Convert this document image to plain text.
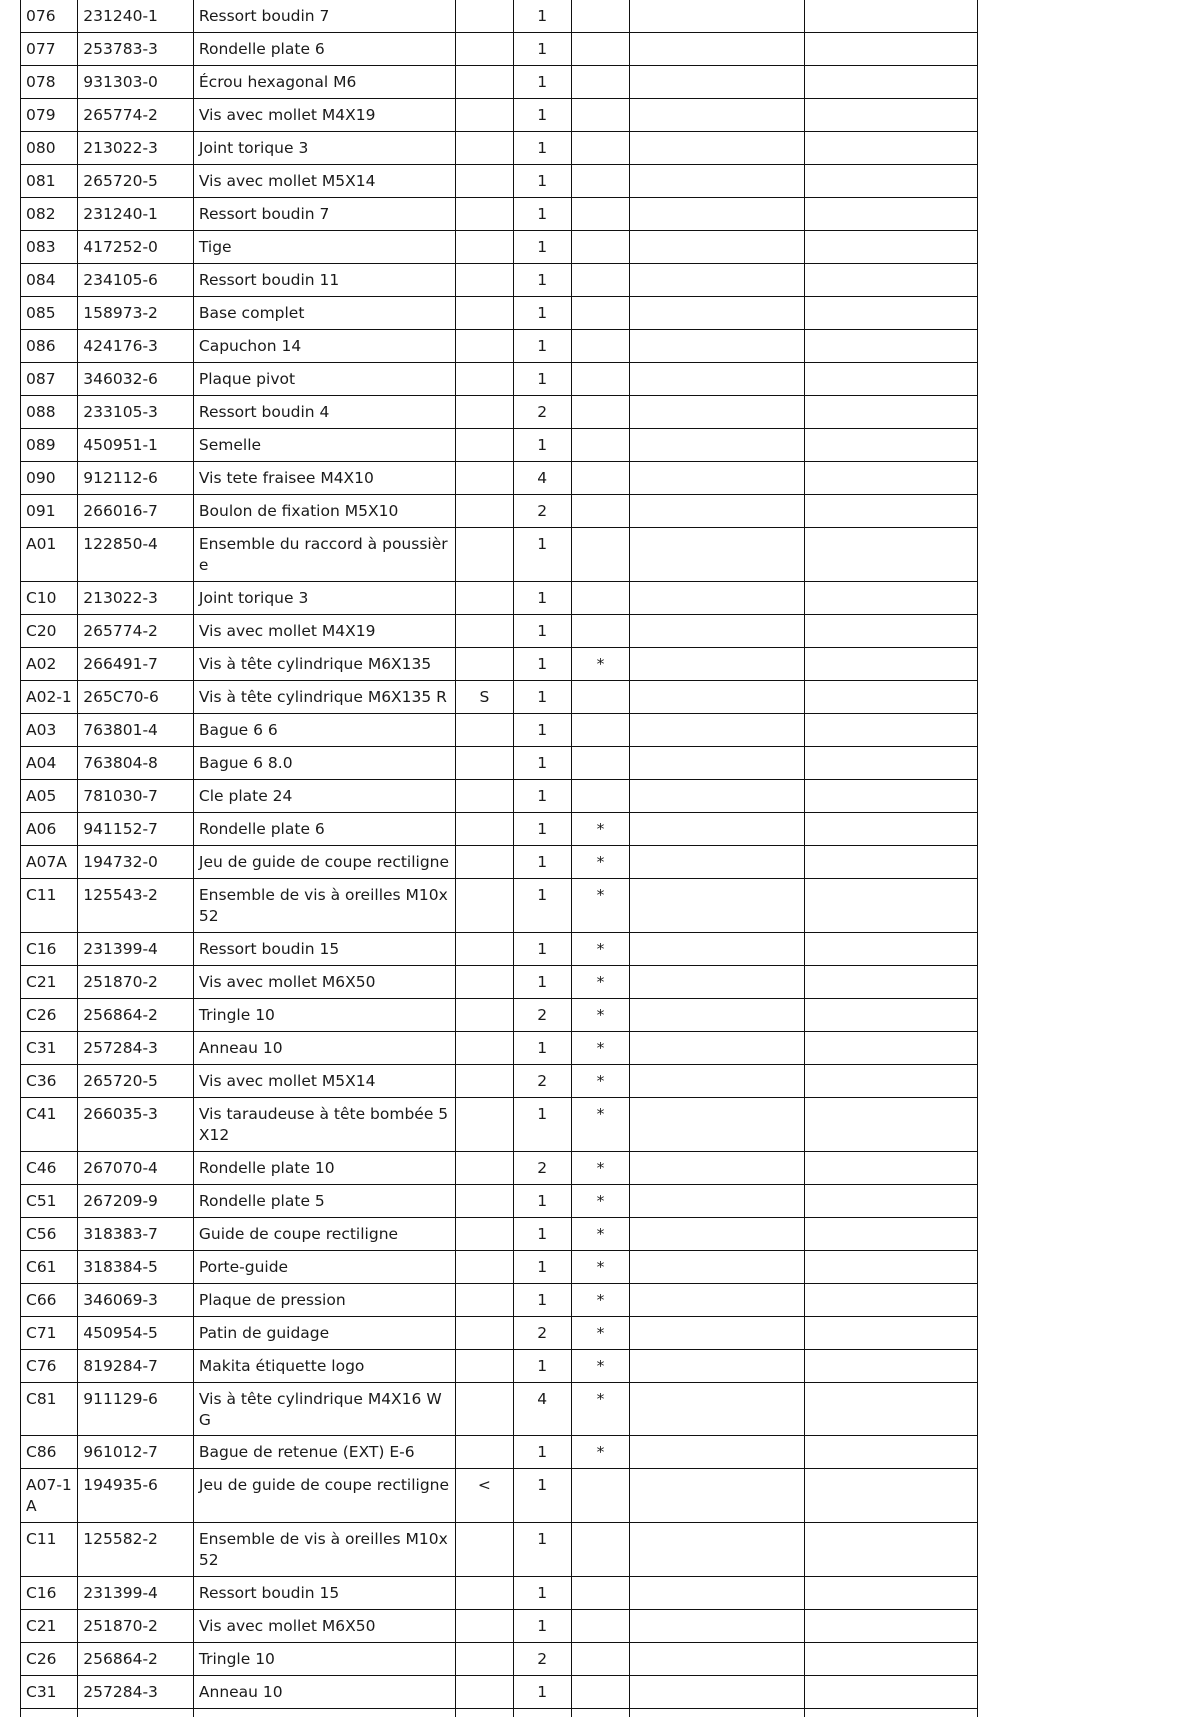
076	231240-1	Ressort boudin 7		1			
077	253783-3	Rondelle plate 6		1			
078	931303-0	Écrou hexagonal M6		1			
079	265774-2	Vis avec mollet M4X19		1			
080	213022-3	Joint torique 3		1			
081	265720-5	Vis avec mollet M5X14		1			
082	231240-1	Ressort boudin 7		1			
083	417252-0	Tige		1			
084	234105-6	Ressort boudin 11		1			
085	158973-2	Base complet		1			
086	424176-3	Capuchon 14		1			
087	346032-6	Plaque pivot		1			
088	233105-3	Ressort boudin 4		2			
089	450951-1	Semelle		1			
090	912112-6	Vis tete fraisee M4X10		4			
091	266016-7	Boulon de fixation M5X10		2			
A01	122850-4	Ensemble du raccord à poussière		1			
C10	213022-3	Joint torique 3		1			
C20	265774-2	Vis avec mollet M4X19		1			
A02	266491-7	Vis à tête cylindrique M6X135		1	*		
A02-1	265C70-6	Vis à tête cylindrique M6X135 R	S	1			
A03	763801-4	Bague 6 6		1			
A04	763804-8	Bague 6 8.0		1			
A05	781030-7	Cle plate 24		1			
A06	941152-7	Rondelle plate 6		1	*		
A07A	194732-0	Jeu de guide de coupe rectiligne		1	*		
C11	125543-2	Ensemble de vis à oreilles M10x52		1	*		
C16	231399-4	Ressort boudin 15		1	*		
C21	251870-2	Vis avec mollet M6X50		1	*		
C26	256864-2	Tringle 10		2	*		
C31	257284-3	Anneau 10		1	*		
C36	265720-5	Vis avec mollet M5X14		2	*		
C41	266035-3	Vis taraudeuse à tête bombée 5X12		1	*		
C46	267070-4	Rondelle plate 10		2	*		
C51	267209-9	Rondelle plate 5		1	*		
C56	318383-7	Guide de coupe rectiligne		1	*		
C61	318384-5	Porte-guide		1	*		
C66	346069-3	Plaque de pression		1	*		
C71	450954-5	Patin de guidage		2	*		
C76	819284-7	Makita étiquette logo		1	*		
C81	911129-6	Vis à tête cylindrique M4X16 WG		4	*		
C86	961012-7	Bague de retenue (EXT) E-6		1	*		
A07-1A	194935-6	Jeu de guide de coupe rectiligne	<	1			
C11	125582-2	Ensemble de vis à oreilles M10x52		1			
C16	231399-4	Ressort boudin 15		1			
C21	251870-2	Vis avec mollet M6X50		1			
C26	256864-2	Tringle 10		2			
C31	257284-3	Anneau 10		1			
